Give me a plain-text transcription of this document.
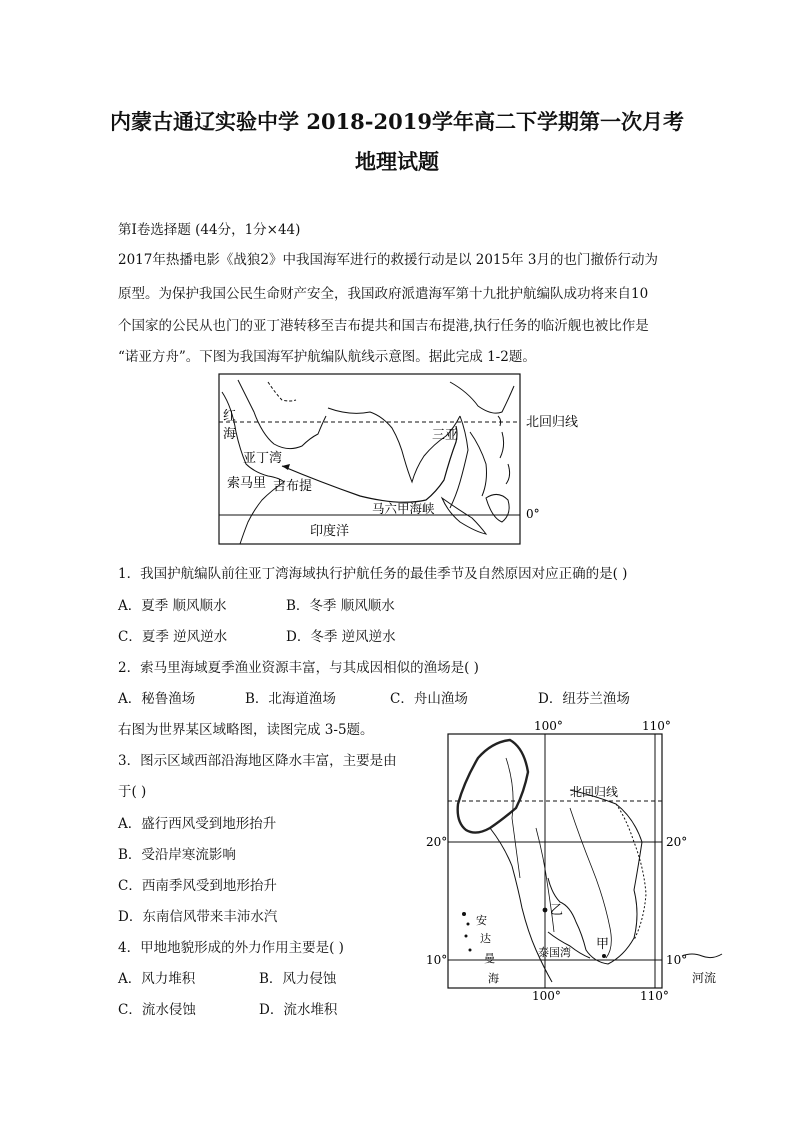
内蒙古通辽实验中学 2018-2019学年高二下学期第一次月考
地理试题
第Ⅰ卷选择题 (44分，1分×44)
2017年热播电影《战狼2》中我国海军进行的救援行动是以 2015年 3月的也门撤侨行动为
原型。为保护我国公民生命财产安全，我国政府派遣海军第十九批护航编队成功将来自10
个国家的公民从也门的亚丁港转移至吉布提共和国吉布提港,执行任务的临沂舰也被比作是
“诺亚方舟”。下图为我国海军护航编队航线示意图。据此完成 1-2题。
红
海
亚丁湾
索马里 吉布提
三亚
马六甲海峡
印度洋
北回归线
0°
1．我国护航编队前往亚丁湾海域执行护航任务的最佳季节及自然原因对应正确的是( )
A．夏季 顺风顺水	B．冬季 顺风顺水
C．夏季 逆风逆水	D．冬季 逆风逆水
2．索马里海域夏季渔业资源丰富，与其成因相似的渔场是( )
A．秘鲁渔场	B．北海道渔场	C．舟山渔场	D．纽芬兰渔场
右图为世界某区域略图，读图完成 3-5题。
3．图示区域西部沿海地区降水丰富，主要是由
于( )
A．盛行西风受到地形抬升
B．受沿岸寒流影响
C．西南季风受到地形抬升
D．东南信风带来丰沛水汽
4．甲地地貌形成的外力作用主要是( )
A．风力堆积	B．风力侵蚀
C．流水侵蚀	D．流水堆积
100°	110°
100°	110°
20°	20°
10°	10°
北回归线
安
达
曼
海
乙
泰国湾
甲
河流
